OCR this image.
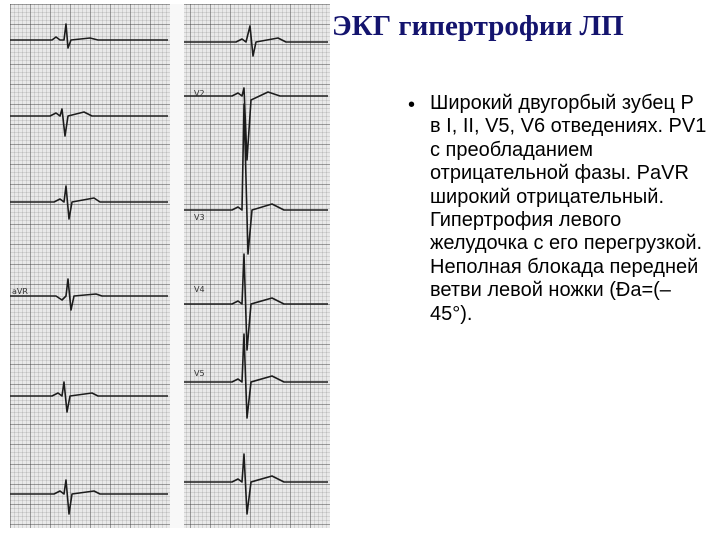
V2
V3
V4
aVR
V5
ЭКГ гипертрофии ЛП
• Широкий двугорбый зубец P в I, II, V5, V6 отведениях. PV1 с преобладанием отрицательной фазы. PaVR широкий отрицательный. Гипертрофия левого желудочка с его перегрузкой. Неполная блокада передней ветви левой ножки (Ða=(–45°).
